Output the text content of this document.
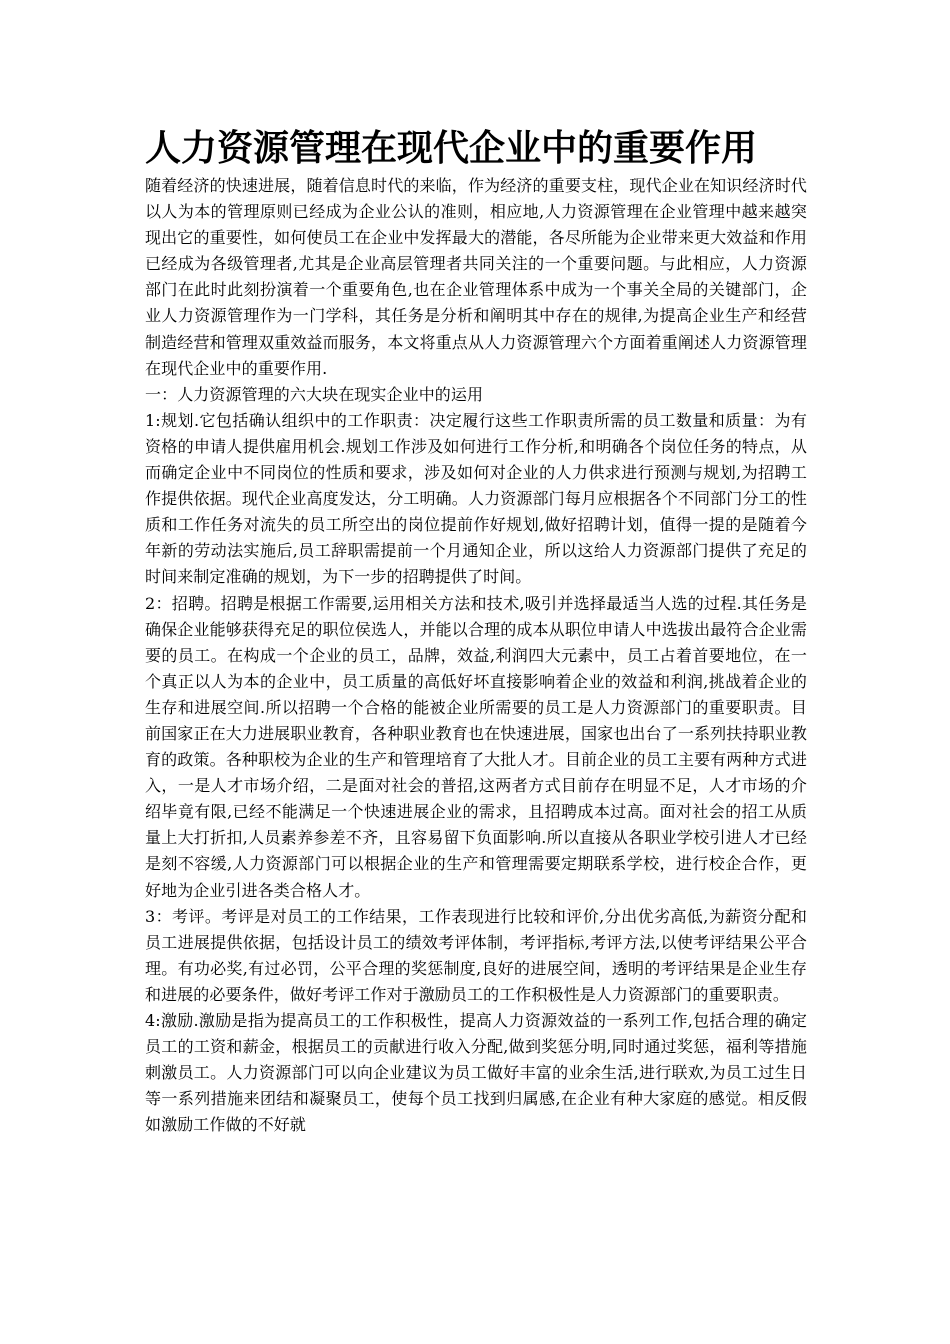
人力资源管理在现代企业中的重要作用

随着经济的快速进展，随着信息时代的来临，作为经济的重要支柱，现代企业在知识经济时代以人为本的管理原则已经成为企业公认的准则，相应地,人力资源管理在企业管理中越来越突现出它的重要性，如何使员工在企业中发挥最大的潜能，各尽所能为企业带来更大效益和作用已经成为各级管理者,尤其是企业高层管理者共同关注的一个重要问题。与此相应，人力资源部门在此时此刻扮演着一个重要角色,也在企业管理体系中成为一个事关全局的关键部门，企业人力资源管理作为一门学科，其任务是分析和阐明其中存在的规律,为提高企业生产和经营制造经营和管理双重效益而服务，本文将重点从人力资源管理六个方面着重阐述人力资源管理在现代企业中的重要作用.

一：人力资源管理的六大块在现实企业中的运用

1:规划.它包括确认组织中的工作职责：决定履行这些工作职责所需的员工数量和质量：为有资格的申请人提供雇用机会.规划工作涉及如何进行工作分析,和明确各个岗位任务的特点，从而确定企业中不同岗位的性质和要求，涉及如何对企业的人力供求进行预测与规划,为招聘工作提供依据。现代企业高度发达，分工明确。人力资源部门每月应根据各个不同部门分工的性质和工作任务对流失的员工所空出的岗位提前作好规划,做好招聘计划，值得一提的是随着今年新的劳动法实施后,员工辞职需提前一个月通知企业，所以这给人力资源部门提供了充足的时间来制定准确的规划，为下一步的招聘提供了时间。

2：招聘。招聘是根据工作需要,运用相关方法和技术,吸引并选择最适当人选的过程.其任务是确保企业能够获得充足的职位侯选人，并能以合理的成本从职位申请人中选拔出最符合企业需要的员工。在构成一个企业的员工，品牌，效益,利润四大元素中，员工占着首要地位，在一个真正以人为本的企业中，员工质量的高低好坏直接影响着企业的效益和利润,挑战着企业的生存和进展空间.所以招聘一个合格的能被企业所需要的员工是人力资源部门的重要职责。目前国家正在大力进展职业教育，各种职业教育也在快速进展，国家也出台了一系列扶持职业教育的政策。各种职校为企业的生产和管理培育了大批人才。目前企业的员工主要有两种方式进入，一是人才市场介绍，二是面对社会的普招,这两者方式目前存在明显不足，人才市场的介绍毕竟有限,已经不能满足一个快速进展企业的需求，且招聘成本过高。面对社会的招工从质量上大打折扣,人员素养参差不齐，且容易留下负面影响.所以直接从各职业学校引进人才已经是刻不容缓,人力资源部门可以根据企业的生产和管理需要定期联系学校，进行校企合作，更好地为企业引进各类合格人才。

3：考评。考评是对员工的工作结果，工作表现进行比较和评价,分出优劣高低,为薪资分配和员工进展提供依据，包括设计员工的绩效考评体制，考评指标,考评方法,以使考评结果公平合理。有功必奖,有过必罚，公平合理的奖惩制度,良好的进展空间，透明的考评结果是企业生存和进展的必要条件，做好考评工作对于激励员工的工作积极性是人力资源部门的重要职责。

4:激励.激励是指为提高员工的工作积极性，提高人力资源效益的一系列工作,包括合理的确定员工的工资和薪金，根据员工的贡献进行收入分配,做到奖惩分明,同时通过奖惩，福利等措施刺激员工。人力资源部门可以向企业建议为员工做好丰富的业余生活,进行联欢,为员工过生日等一系列措施来团结和凝聚员工，使每个员工找到归属感,在企业有种大家庭的感觉。相反假如激励工作做的不好就
